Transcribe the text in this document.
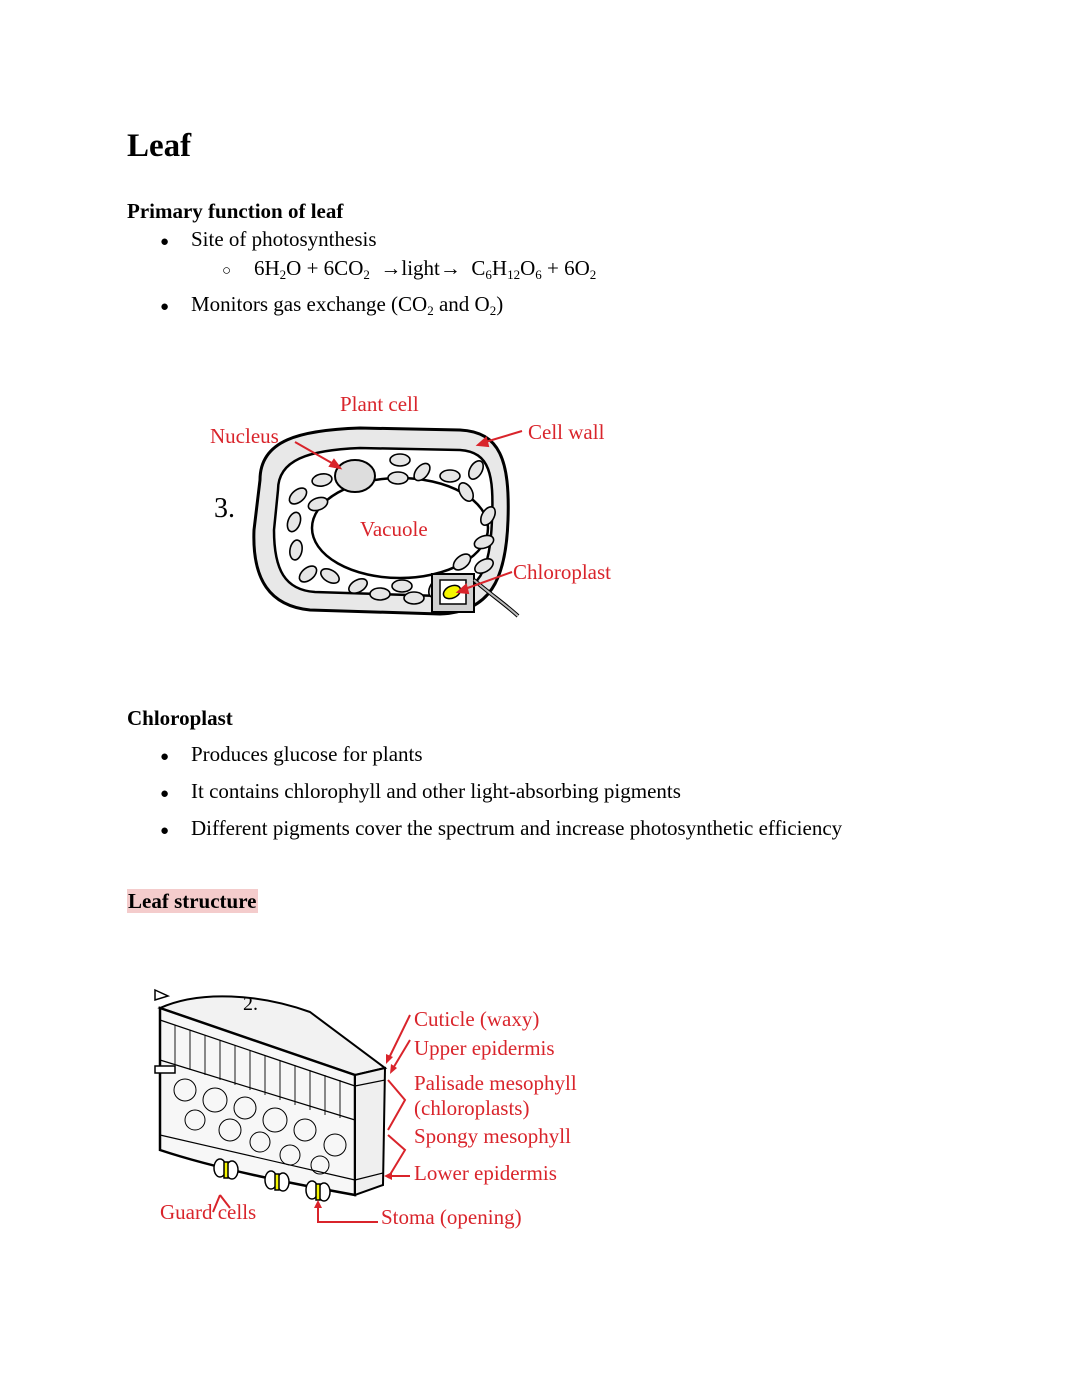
Leaf
Primary function of leaf
● Site of photosynthesis
○ $6H_2O + 6CO_2$ →light→ $C_6H_{12}O_6 + 6O_2$
● Monitors gas exchange ($CO_2$ and $O_2$)
3.
Plant cell
Nucleus	Cell wall
Vacuole
Chloroplast
Chloroplast
● Produces glucose for plants
● It contains chlorophyll and other light-absorbing pigments
● Different pigments cover the spectrum and increase photosynthetic efficiency
Leaf structure
2.
Cuticle (waxy)
Upper epidermis
Palisade mesophyll
(chloroplasts)
Spongy mesophyll
Lower epidermis
Guard cells	Stoma (opening)
